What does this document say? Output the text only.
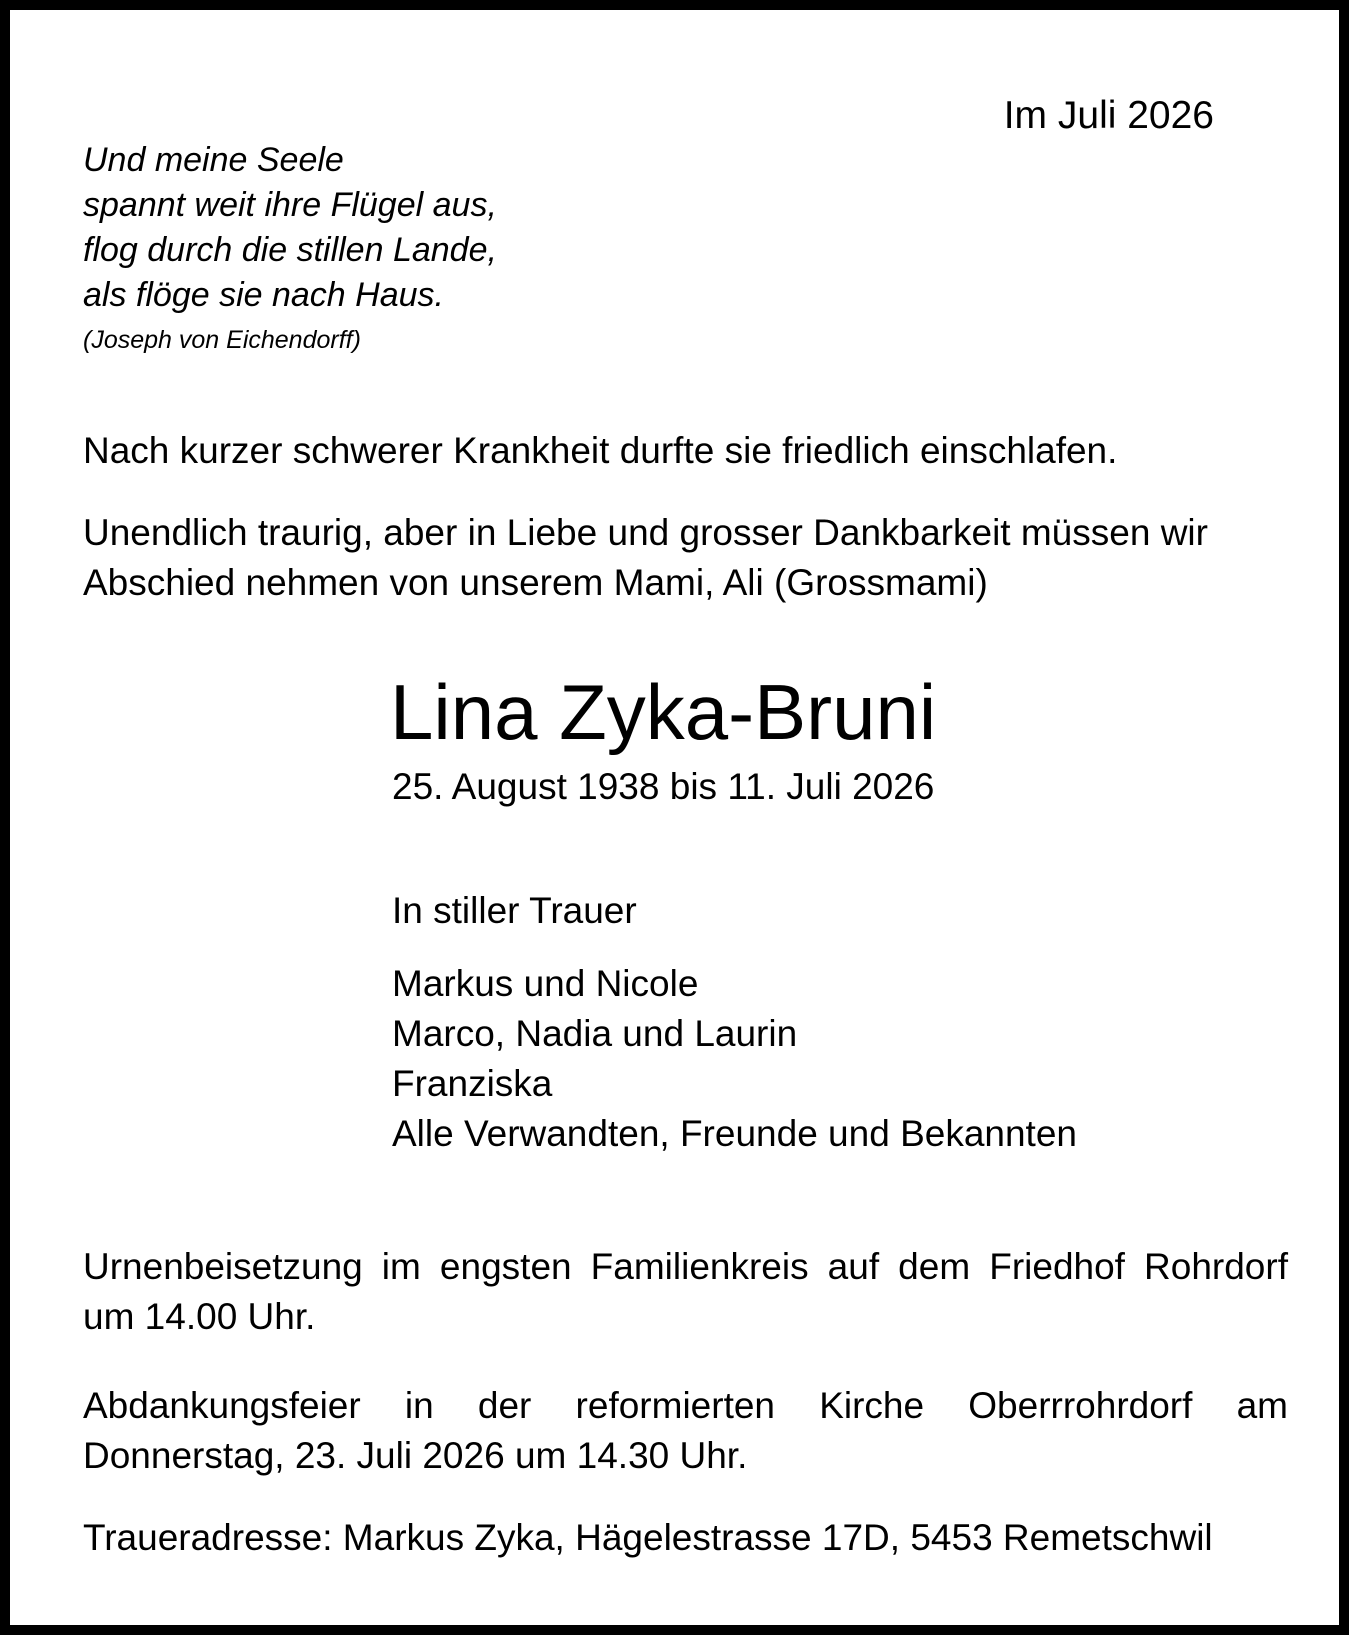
Im Juli 2026

Und meine Seele
spannt weit ihre Flügel aus,
flog durch die stillen Lande,
als flöge sie nach Haus.
(Joseph von Eichendorff)

Nach kurzer schwerer Krankheit durfte sie friedlich einschlafen.

Unendlich traurig, aber in Liebe und grosser Dankbarkeit müssen wir
Abschied nehmen von unserem Mami, Ali (Grossmami)

Lina Zyka-Bruni

25. August 1938 bis 11. Juli 2026

In stiller Trauer

Markus und Nicole
Marco, Nadia und Laurin
Franziska
Alle Verwandten, Freunde und Bekannten

Urnenbeisetzung im engsten Familienkreis auf dem Friedhof Rohrdorf um 14.00 Uhr.

Abdankungsfeier in der reformierten Kirche Oberrrohrdorf am Donnerstag, 23. Juli 2026 um 14.30 Uhr.

Traueradresse: Markus Zyka, Hägelestrasse 17D, 5453 Remetschwil
